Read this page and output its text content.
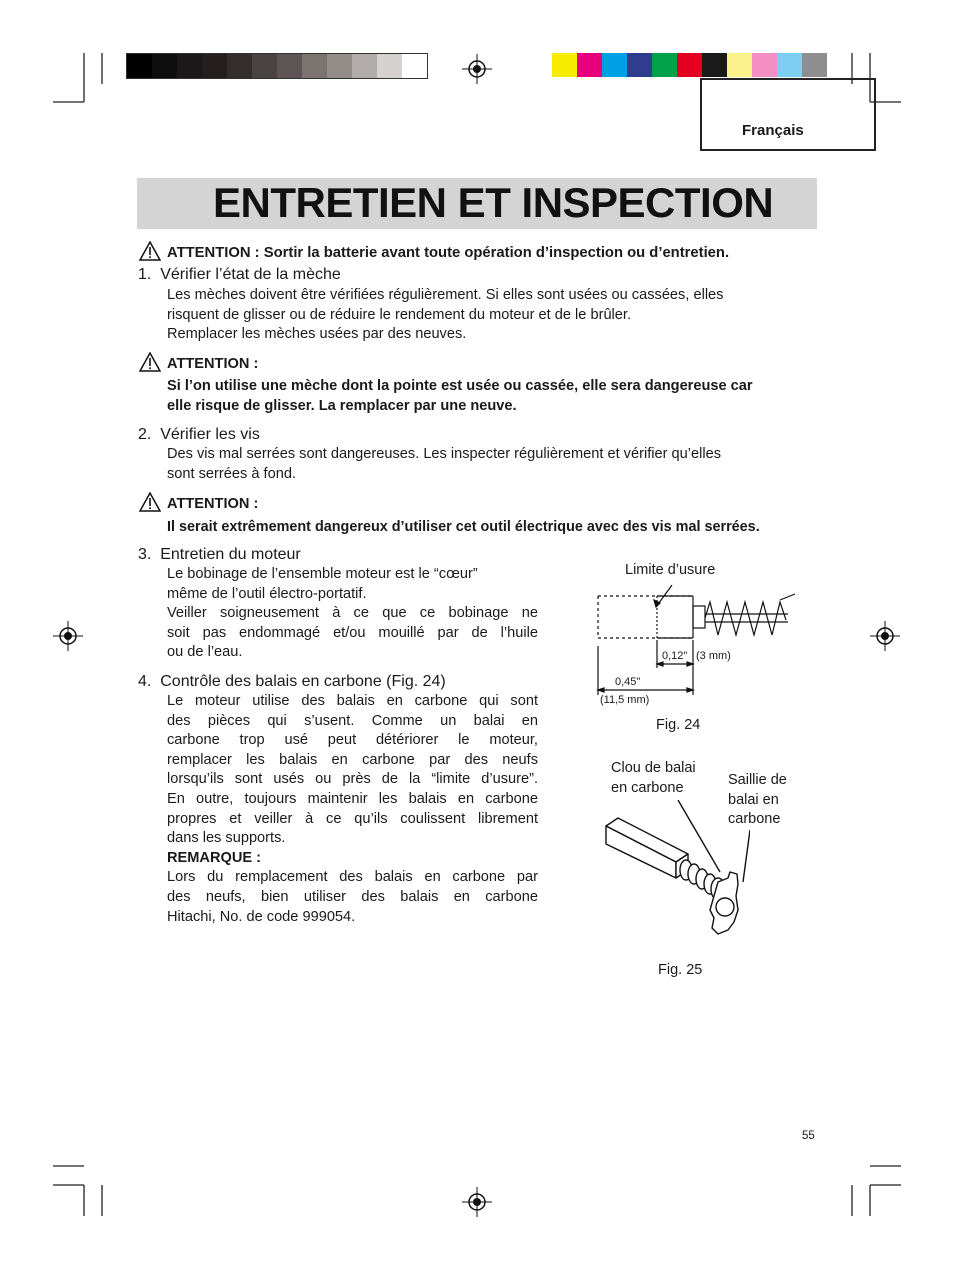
Français
ENTRETIEN ET INSPECTION
ATTENTION : Sortir la batterie avant toute opération d’inspection ou d’entretien.
1.  Vérifier l’état de la mèche
Les mèches doivent être vérifiées régulièrement. Si elles sont usées ou cassées, elles
risquent de glisser ou de réduire le rendement du moteur et de le brûler.
Remplacer les mèches usées par des neuves.
ATTENTION :
Si l’on utilise une mèche dont la pointe est usée ou cassée, elle sera dangereuse car
elle risque de glisser. La remplacer par une neuve.
2.  Vérifier les vis
Des vis mal serrées sont dangereuses. Les inspecter régulièrement et vérifier qu’elles
sont serrées à fond.
ATTENTION :
Il serait extrêmement dangereux d’utiliser cet outil électrique avec des vis mal serrées.
3.  Entretien du moteur
Le bobinage de l’ensemble moteur est le “cœur”
même de l’outil électro-portatif.
Veiller soigneusement à ce que ce bobinage ne
soit pas endommagé et/ou mouillé par de l’huile
ou de l’eau.
4.  Contrôle des balais en carbone (Fig. 24)
Le moteur utilise des balais en carbone qui sont
des pièces qui s’usent. Comme un balai en
carbone trop usé peut détériorer le moteur,
remplacer les balais en carbone par des neufs
lorsqu’ils sont usés ou près de la “limite d’usure”.
En outre, toujours maintenir les balais en carbone
propres et veiller à ce qu’ils coulissent librement
dans les supports.
REMARQUE :
Lors du remplacement des balais en carbone par
des neufs, bien utiliser des balais en carbone
Hitachi, No. de code 999054.
Limite d’usure
0,12" (3 mm)
0,45"
(11,5 mm)
Fig. 24
Clou de balai
en carbone	Saillie de
balai en
carbone
Fig. 25
55
